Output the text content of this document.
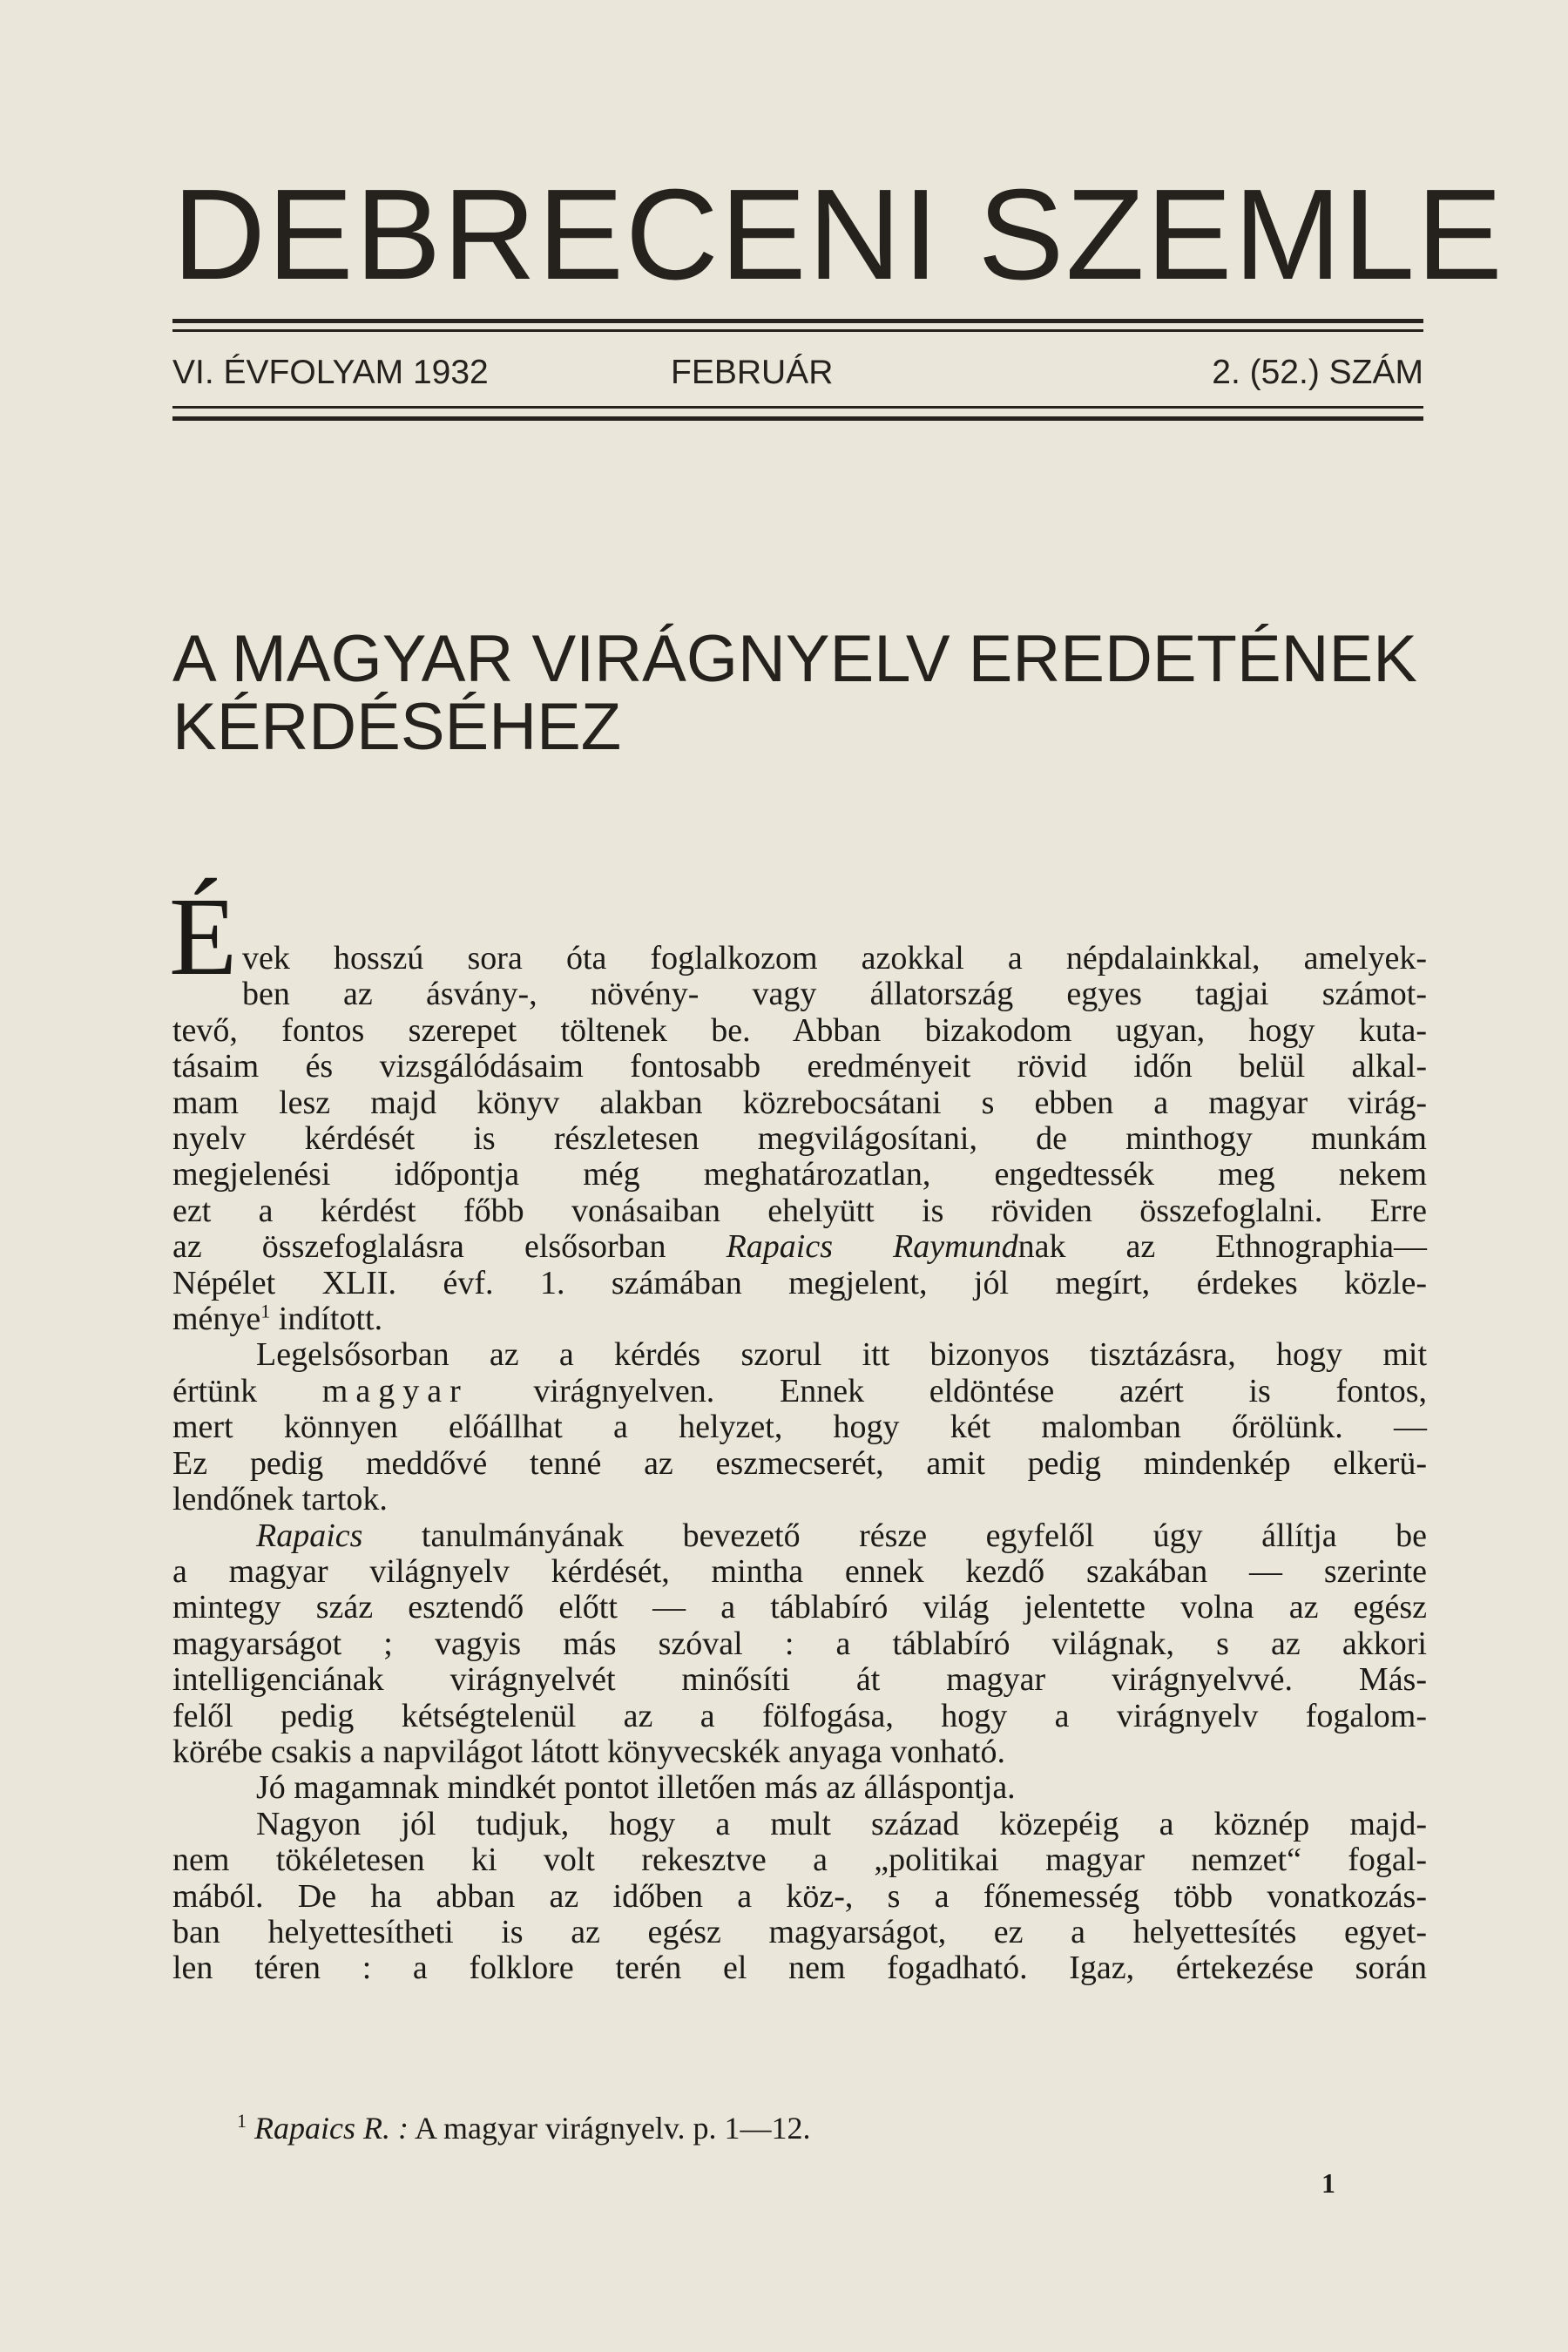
DEBRECENI SZEMLE
VI. ÉVFOLYAM 1932	FEBRUÁR	2. (52.) SZÁM
A MAGYAR VIRÁGNYELV EREDETÉNEK
KÉRDÉSÉHEZ
É vek hosszú sora óta foglalkozom azokkal a népdalainkkal, amelyek-
ben az ásvány-, növény- vagy állatország egyes tagjai számot-
tevő, fontos szerepet töltenek be. Abban bizakodom ugyan, hogy kuta-
tásaim és vizsgálódásaim fontosabb eredményeit rövid időn belül alkal-
mam lesz majd könyv alakban közrebocsátani s ebben a magyar virág-
nyelv kérdését is részletesen megvilágosítani, de minthogy munkám
megjelenési időpontja még meghatározatlan, engedtessék meg nekem
ezt a kérdést főbb vonásaiban ehelyütt is röviden összefoglalni. Erre
az összefoglalásra elsősorban Rapaics Raymundnak az Ethnographia—
Népélet XLII. évf. 1. számában megjelent, jól megírt, érdekes közle-
ménye$^1$ indított.
Legelsősorban az a kérdés szorul itt bizonyos tisztázásra, hogy mit
értünk magyar virágnyelven. Ennek eldöntése azért is fontos,
mert könnyen előállhat a helyzet, hogy két malomban őrölünk. —
Ez pedig meddővé tenné az eszmecserét, amit pedig mindenkép elkerü-
lendőnek tartok.
Rapaics tanulmányának bevezető része egyfelől úgy állítja be
a magyar világnyelv kérdését, mintha ennek kezdő szakában — szerinte
mintegy száz esztendő előtt — a táblabíró világ jelentette volna az egész
magyarságot ; vagyis más szóval : a táblabíró világnak, s az akkori
intelligenciának virágnyelvét minősíti át magyar virágnyelvvé. Más-
felől pedig kétségtelenül az a fölfogása, hogy a virágnyelv fogalom-
körébe csakis a napvilágot látott könyvecskék anyaga vonható.
Jó magamnak mindkét pontot illetően más az álláspontja.
Nagyon jól tudjuk, hogy a mult század közepéig a köznép majd-
nem tökéletesen ki volt rekesztve a „politikai magyar nemzet“ fogal-
mából. De ha abban az időben a köz-, s a főnemesség több vonatkozás-
ban helyettesítheti is az egész magyarságot, ez a helyettesítés egyet-
len téren : a folklore terén el nem fogadható. Igaz, értekezése során
$^1$ Rapaics R. : A magyar virágnyelv. p. 1—12.
1
